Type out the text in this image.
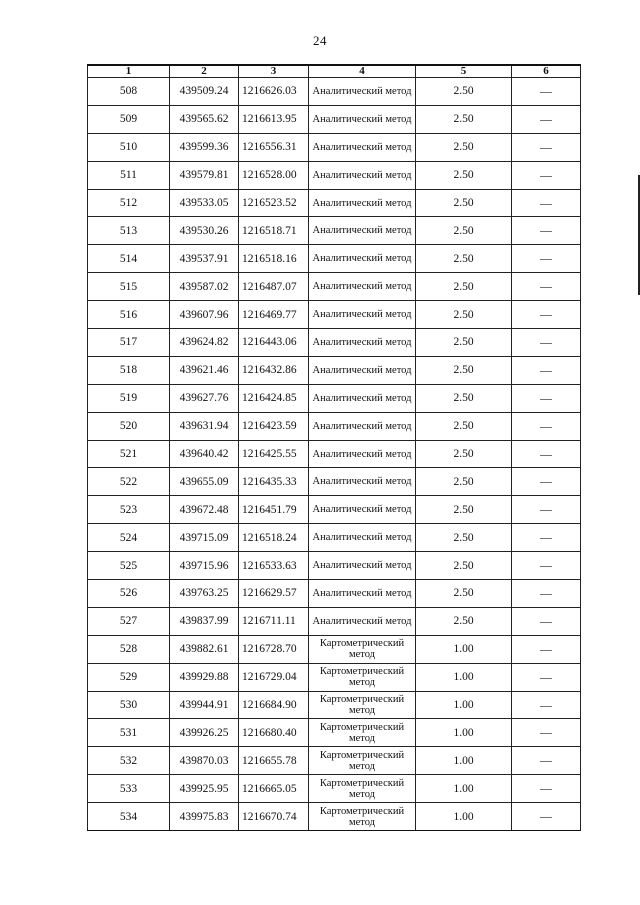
24
1	2	3	4	5	6
508	439509.24	1216626.03	Аналитический метод	2.50	—
509	439565.62	1216613.95	Аналитический метод	2.50	—
510	439599.36	1216556.31	Аналитический метод	2.50	—
511	439579.81	1216528.00	Аналитический метод	2.50	—
512	439533.05	1216523.52	Аналитический метод	2.50	—
513	439530.26	1216518.71	Аналитический метод	2.50	—
514	439537.91	1216518.16	Аналитический метод	2.50	—
515	439587.02	1216487.07	Аналитический метод	2.50	—
516	439607.96	1216469.77	Аналитический метод	2.50	—
517	439624.82	1216443.06	Аналитический метод	2.50	—
518	439621.46	1216432.86	Аналитический метод	2.50	—
519	439627.76	1216424.85	Аналитический метод	2.50	—
520	439631.94	1216423.59	Аналитический метод	2.50	—
521	439640.42	1216425.55	Аналитический метод	2.50	—
522	439655.09	1216435.33	Аналитический метод	2.50	—
523	439672.48	1216451.79	Аналитический метод	2.50	—
524	439715.09	1216518.24	Аналитический метод	2.50	—
525	439715.96	1216533.63	Аналитический метод	2.50	—
526	439763.25	1216629.57	Аналитический метод	2.50	—
527	439837.99	1216711.11	Аналитический метод	2.50	—
528	439882.61	1216728.70	Картометрический метод	1.00	—
529	439929.88	1216729.04	Картометрический метод	1.00	—
530	439944.91	1216684.90	Картометрический метод	1.00	—
531	439926.25	1216680.40	Картометрический метод	1.00	—
532	439870.03	1216655.78	Картометрический метод	1.00	—
533	439925.95	1216665.05	Картометрический метод	1.00	—
534	439975.83	1216670.74	Картометрический метод	1.00	—
